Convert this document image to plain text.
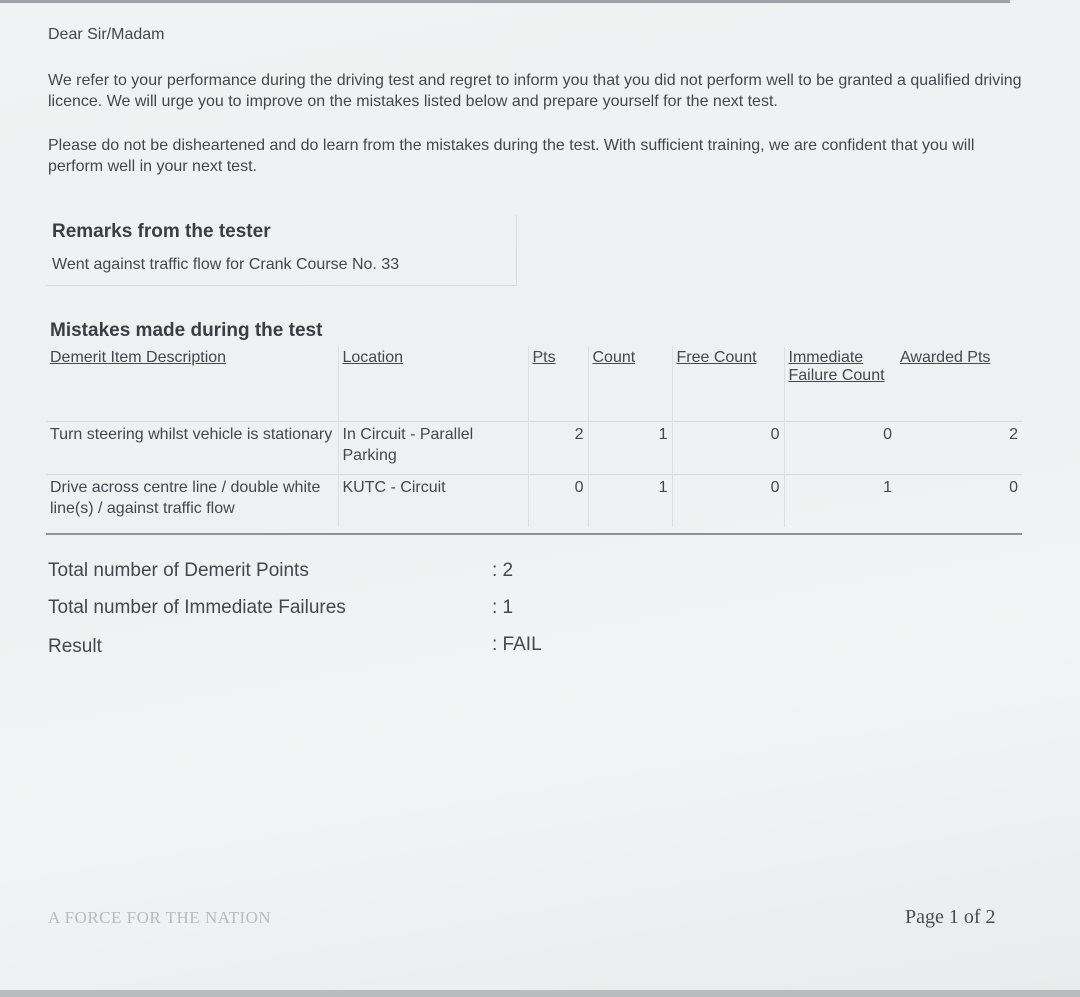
Dear Sir/Madam
We refer to your performance during the driving test and regret to inform you that you did not perform well to be granted a qualified driving licence. We will urge you to improve on the mistakes listed below and prepare yourself for the next test.
Please do not be disheartened and do learn from the mistakes during the test. With sufficient training, we are confident that you will perform well in your next test.
Remarks from the tester
Went against traffic flow for Crank Course No. 33
Mistakes made during the test
Demerit Item Description	Location	Pts	Count	Free Count	Immediate Failure Count	Awarded Pts
Turn steering whilst vehicle is stationary	In Circuit - Parallel Parking	2	1	0	0	2
Drive across centre line / double white line(s) / against traffic flow	KUTC - Circuit	0	1	0	1	0
Total number of Demerit Points	: 2
Total number of Immediate Failures	: 1
Result	: FAIL
A FORCE FOR THE NATION	Page 1 of 2
